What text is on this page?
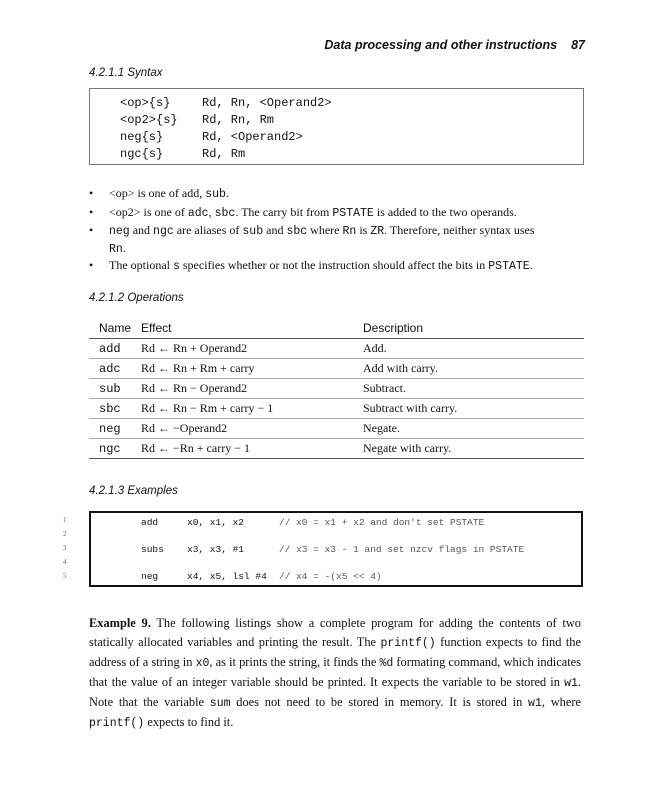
Data processing and other instructions 87
4.2.1.1 Syntax
<op>{s}	Rd, Rn, <Operand2>
<op2>{s} Rd, Rn, Rm
neg{s}	Rd, <Operand2>
ngc{s}	Rd, Rm
• <op> is one of add, sub.
• <op2> is one of adc, sbc. The carry bit from PSTATE is added to the two operands.
• neg and ngc are aliases of sub and sbc where Rn is ZR. Therefore, neither syntax uses
Rn.
• The optional s specifies whether or not the instruction should affect the bits in PSTATE.
4.2.1.2 Operations
Name	Effect	Description
add	Rd ← Rn + Operand2	Add.
adc	Rd ← Rn + Rm + carry	Add with carry.
sub	Rd ← Rn − Operand2	Subtract.
sbc	Rd ← Rn − Rm + carry − 1	Subtract with carry.
neg	Rd ← −Operand2	Negate.
ngc	Rd ← −Rn + carry − 1	Negate with carry.
4.2.1.3 Examples
1
2
3
4
5
add	x0, x1, x2	// x0 = x1 + x2 and don't set PSTATE
subs x3, x3, #1	// x3 = x3 - 1 and set nzcv flags in PSTATE
neg	x4, x5, lsl #4 // x4 = -(x5 << 4)
Example 9. The following listings show a complete program for adding the contents of two statically allocated variables and printing the result. The printf() function expects to find the address of a string in x0, as it prints the string, it finds the %d formating command, which indicates that the value of an integer variable should be printed. It expects the variable to be stored in w1. Note that the variable sum does not need to be stored in memory. It is stored in w1, where printf() expects to find it.
